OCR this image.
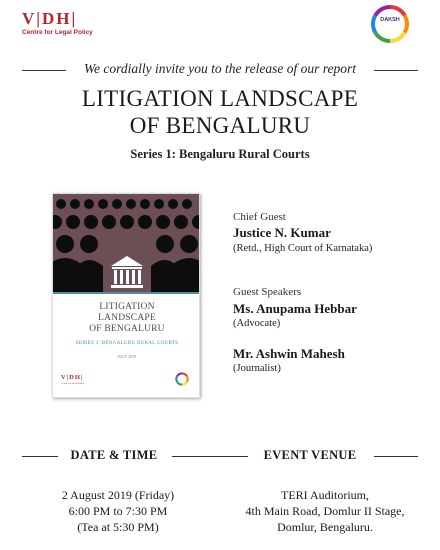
V|DH|
Centre for Legal Policy
DAKSH
We cordially invite you to the release of our report
LITIGATION LANDSCAPE
OF BENGALURU
Series 1: Bengaluru Rural Courts
LITIGATION
LANDSCAPE
OF BENGALURU
SERIES 1: BENGALURU RURAL COURTS
JULY 2019
V|DH|
Centre for Legal Policy
Chief Guest
Justice N. Kumar
(Retd., High Court of Karnataka)
Guest Speakers
Ms. Anupama Hebbar
(Advocate)
Mr. Ashwin Mahesh
(Journalist)
DATE & TIME	EVENT VENUE
2 August 2019 (Friday)
6:00 PM to 7:30 PM
(Tea at 5:30 PM)
TERI Auditorium,
4th Main Road, Domlur II Stage,
Domlur, Bengaluru.
